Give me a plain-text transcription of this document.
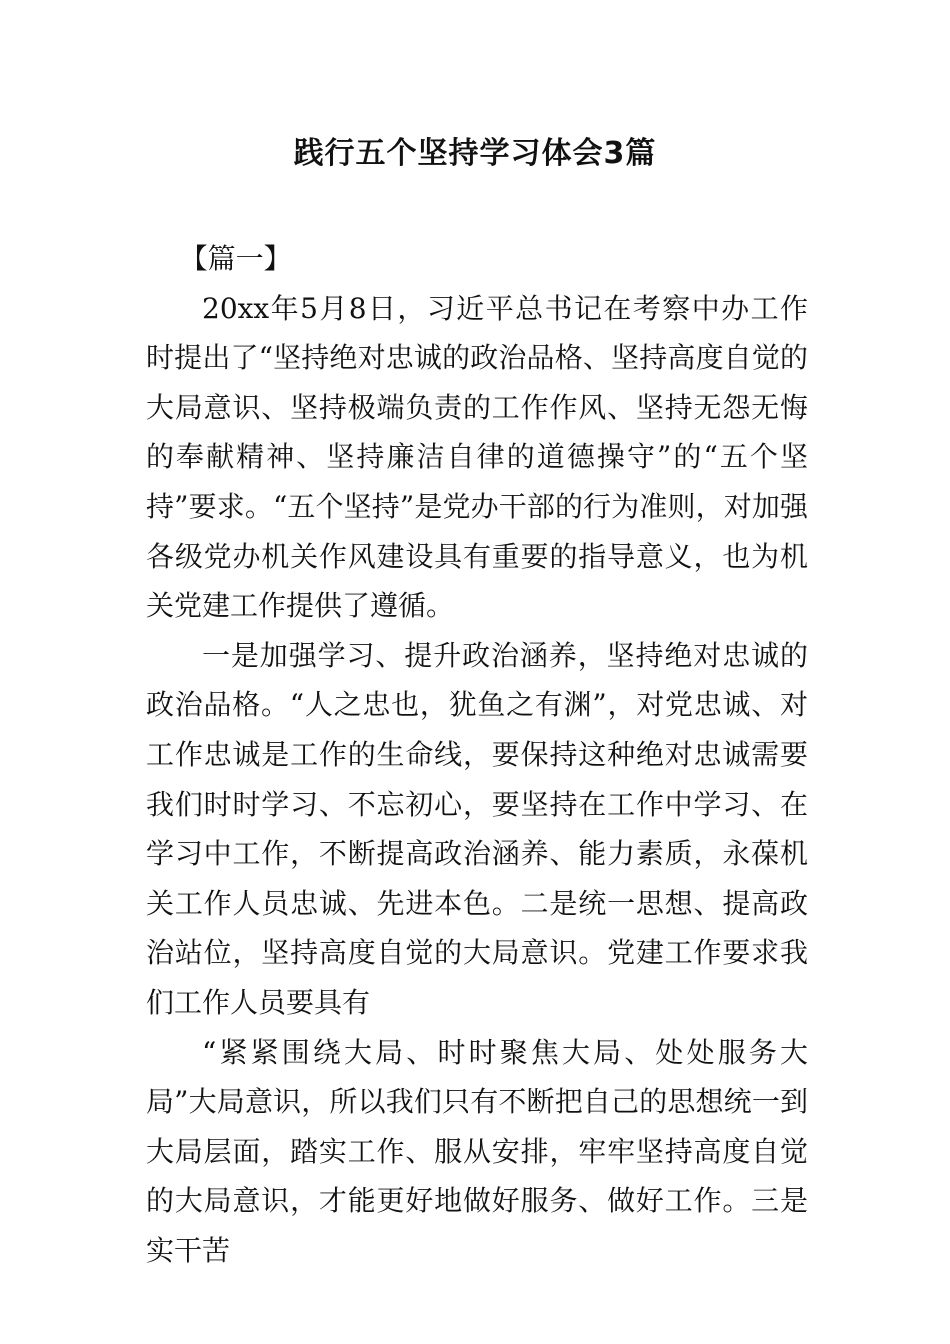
践行五个坚持学习体会3篇

【篇一】

20xx年5月8日，习近平总书记在考察中办工作时提出了“坚持绝对忠诚的政治品格、坚持高度自觉的大局意识、坚持极端负责的工作作风、坚持无怨无悔的奉献精神、坚持廉洁自律的道德操守”的“五个坚持”要求。“五个坚持”是党办干部的行为准则，对加强各级党办机关作风建设具有重要的指导意义，也为机关党建工作提供了遵循。

一是加强学习、提升政治涵养，坚持绝对忠诚的政治品格。“人之忠也，犹鱼之有渊”，对党忠诚、对工作忠诚是工作的生命线，要保持这种绝对忠诚需要我们时时学习、不忘初心，要坚持在工作中学习、在学习中工作，不断提高政治涵养、能力素质，永葆机关工作人员忠诚、先进本色。二是统一思想、提高政治站位，坚持高度自觉的大局意识。党建工作要求我们工作人员要具有

“紧紧围绕大局、时时聚焦大局、处处服务大局”大局意识，所以我们只有不断把自己的思想统一到大局层面，踏实工作、服从安排，牢牢坚持高度自觉的大局意识，才能更好地做好服务、做好工作。三是实干苦
